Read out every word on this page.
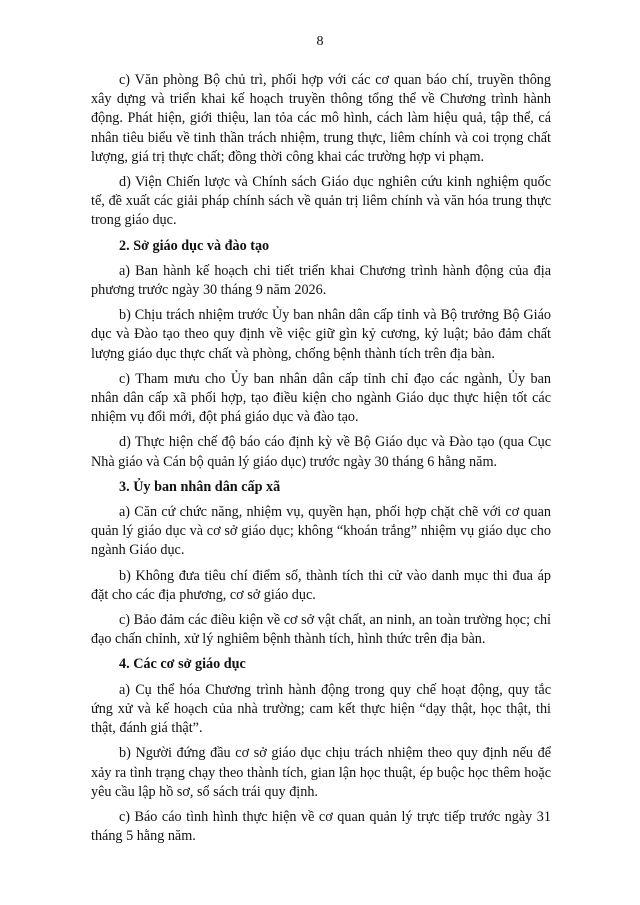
8

c) Văn phòng Bộ chủ trì, phối hợp với các cơ quan báo chí, truyền thông xây dựng và triển khai kế hoạch truyền thông tổng thể về Chương trình hành động. Phát hiện, giới thiệu, lan tỏa các mô hình, cách làm hiệu quả, tập thể, cá nhân tiêu biểu về tinh thần trách nhiệm, trung thực, liêm chính và coi trọng chất lượng, giá trị thực chất; đồng thời công khai các trường hợp vi phạm.

d) Viện Chiến lược và Chính sách Giáo dục nghiên cứu kinh nghiệm quốc tế, đề xuất các giải pháp chính sách về quản trị liêm chính và văn hóa trung thực trong giáo dục.

2. Sở giáo dục và đào tạo

a) Ban hành kế hoạch chi tiết triển khai Chương trình hành động của địa phương trước ngày 30 tháng 9 năm 2026.

b) Chịu trách nhiệm trước Ủy ban nhân dân cấp tỉnh và Bộ trưởng Bộ Giáo dục và Đào tạo theo quy định về việc giữ gìn kỷ cương, kỷ luật; bảo đảm chất lượng giáo dục thực chất và phòng, chống bệnh thành tích trên địa bàn.

c) Tham mưu cho Ủy ban nhân dân cấp tỉnh chỉ đạo các ngành, Ủy ban nhân dân cấp xã phối hợp, tạo điều kiện cho ngành Giáo dục thực hiện tốt các nhiệm vụ đổi mới, đột phá giáo dục và đào tạo.

d) Thực hiện chế độ báo cáo định kỳ về Bộ Giáo dục và Đào tạo (qua Cục Nhà giáo và Cán bộ quản lý giáo dục) trước ngày 30 tháng 6 hằng năm.

3. Ủy ban nhân dân cấp xã

a) Căn cứ chức năng, nhiệm vụ, quyền hạn, phối hợp chặt chẽ với cơ quan quản lý giáo dục và cơ sở giáo dục; không “khoán trắng” nhiệm vụ giáo dục cho ngành Giáo dục.

b) Không đưa tiêu chí điểm số, thành tích thi cử vào danh mục thi đua áp đặt cho các địa phương, cơ sở giáo dục.

c) Bảo đảm các điều kiện về cơ sở vật chất, an ninh, an toàn trường học; chỉ đạo chấn chỉnh, xử lý nghiêm bệnh thành tích, hình thức trên địa bàn.

4. Các cơ sở giáo dục

a) Cụ thể hóa Chương trình hành động trong quy chế hoạt động, quy tắc ứng xử và kế hoạch của nhà trường; cam kết thực hiện “dạy thật, học thật, thi thật, đánh giá thật”.

b) Người đứng đầu cơ sở giáo dục chịu trách nhiệm theo quy định nếu để xảy ra tình trạng chạy theo thành tích, gian lận học thuật, ép buộc học thêm hoặc yêu cầu lập hồ sơ, sổ sách trái quy định.

c) Báo cáo tình hình thực hiện về cơ quan quản lý trực tiếp trước ngày 31 tháng 5 hằng năm.
